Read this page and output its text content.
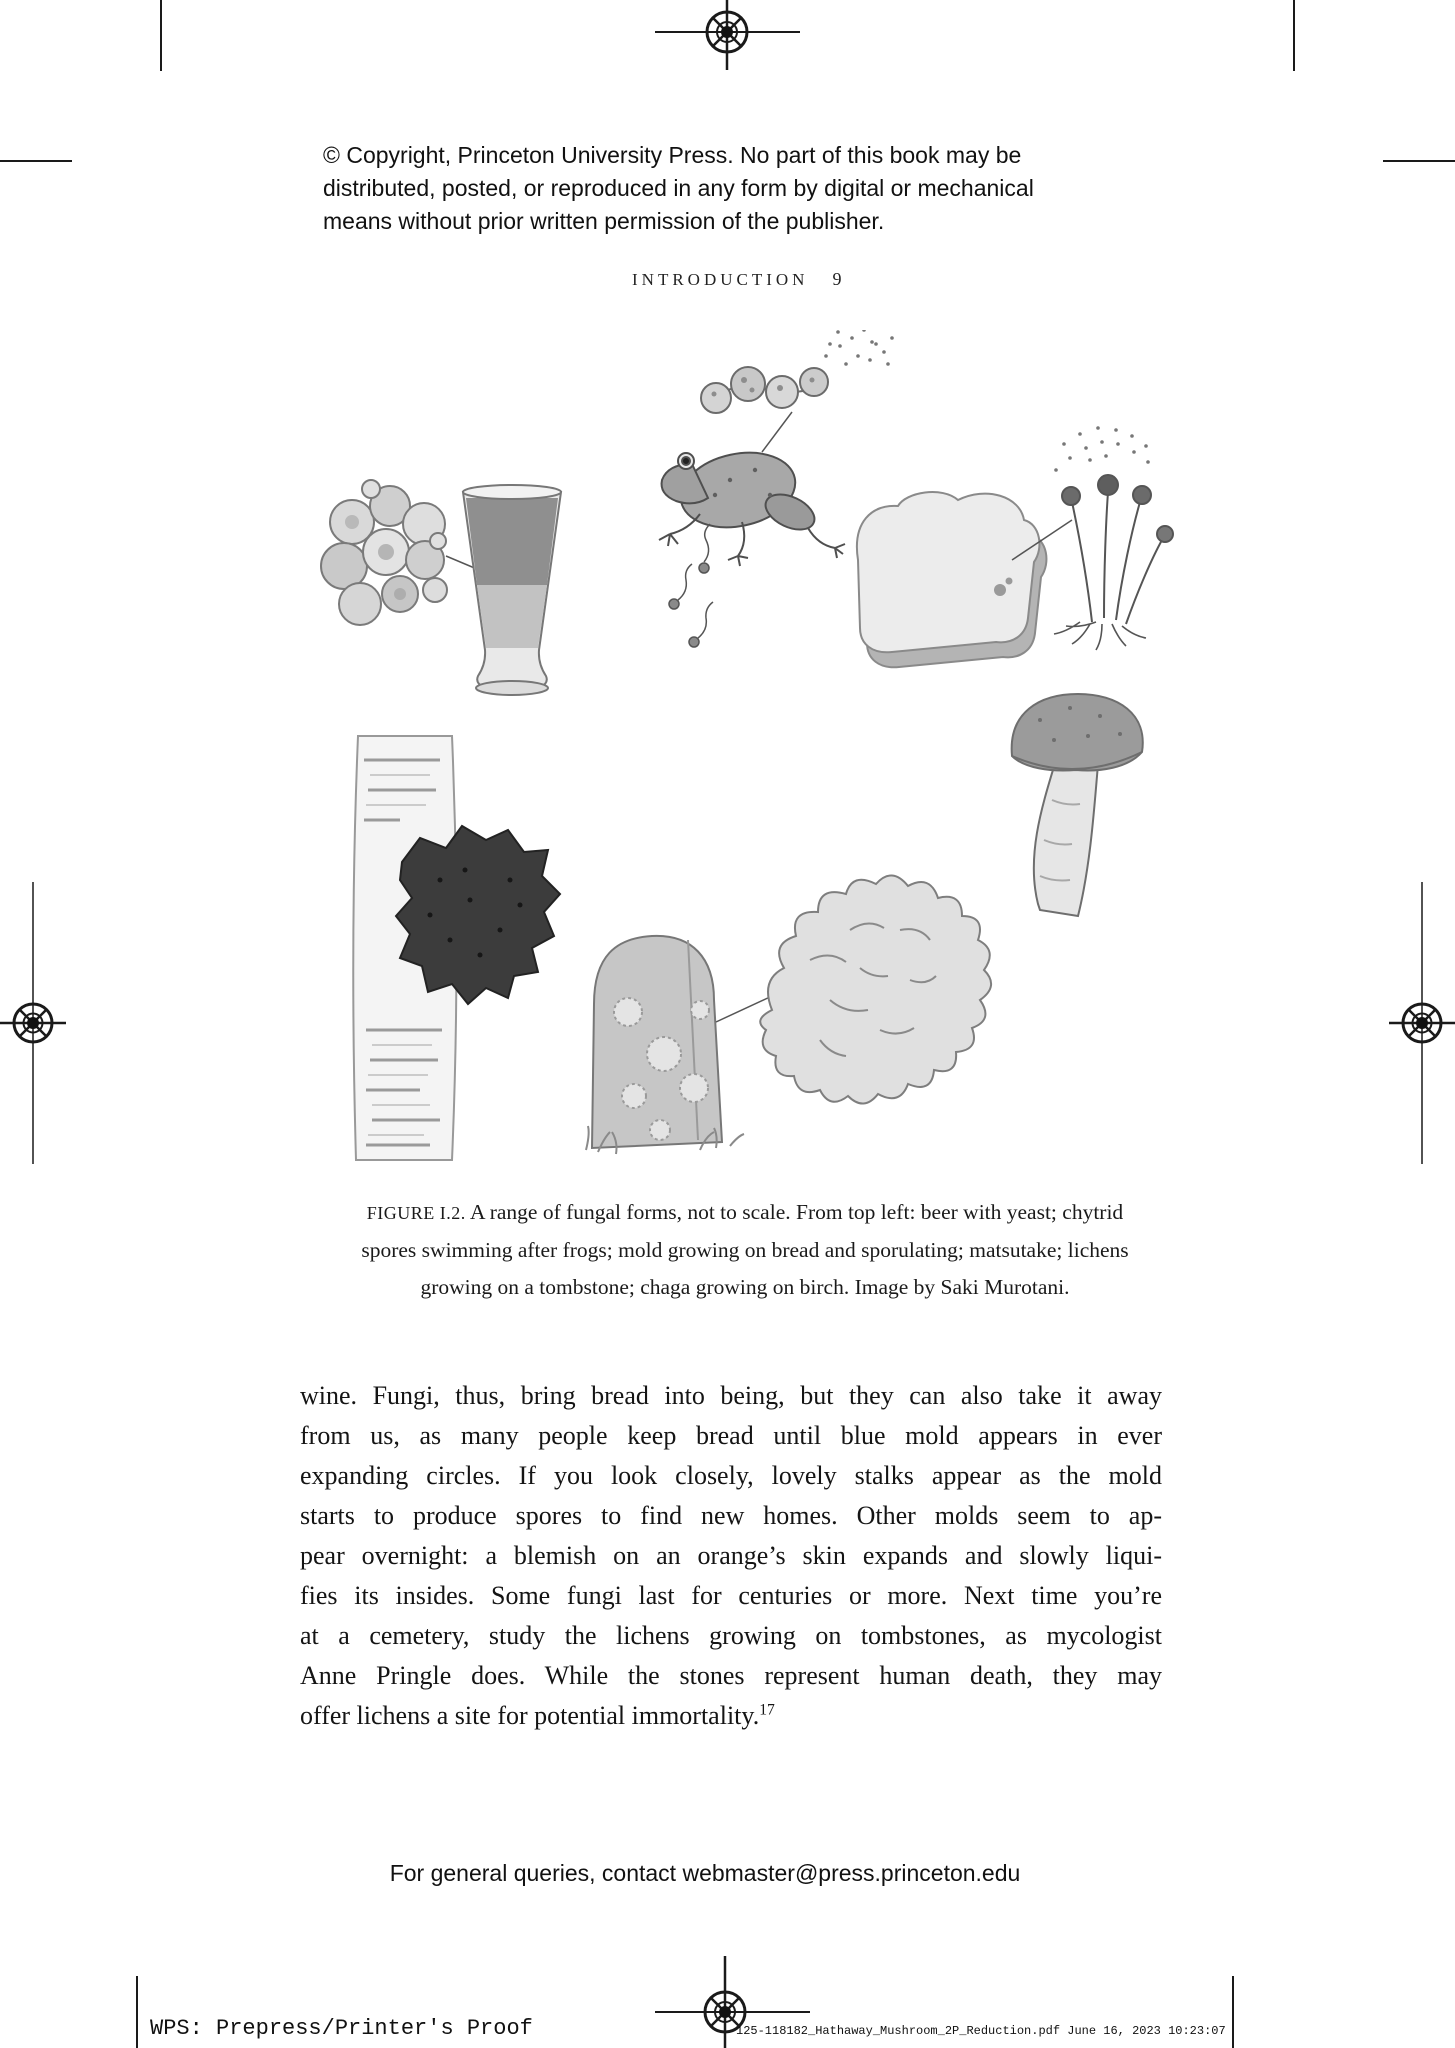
© Copyright, Princeton University Press. No part of this book may be
distributed, posted, or reproduced in any form by digital or mechanical
means without prior written permission of the publisher.
INTRODUCTION 9
FIGURE I.2. A range of fungal forms, not to scale. From top left: beer with yeast; chytrid
spores swimming after frogs; mold growing on bread and sporulating; matsutake; lichens
growing on a tombstone; chaga growing on birch. Image by Saki Murotani.
wine. Fungi, thus, bring bread into being, but they can also take it away
from us, as many people keep bread until blue mold appears in ever
expanding circles. If you look closely, lovely stalks appear as the mold
starts to produce spores to find new homes. Other molds seem to ap-
pear overnight: a blemish on an orange’s skin expands and slowly liqui-
fies its insides. Some fungi last for centuries or more. Next time you’re
at a cemetery, study the lichens growing on tombstones, as mycologist
Anne Pringle does. While the stones represent human death, they may
offer lichens a site for potential immortality.$^{17}$
For general queries, contact webmaster@press.princeton.edu
WPS: Prepress/Printer's Proof	125-118182_Hathaway_Mushroom_2P_Reduction.pdf June 16, 2023 10:23:07
